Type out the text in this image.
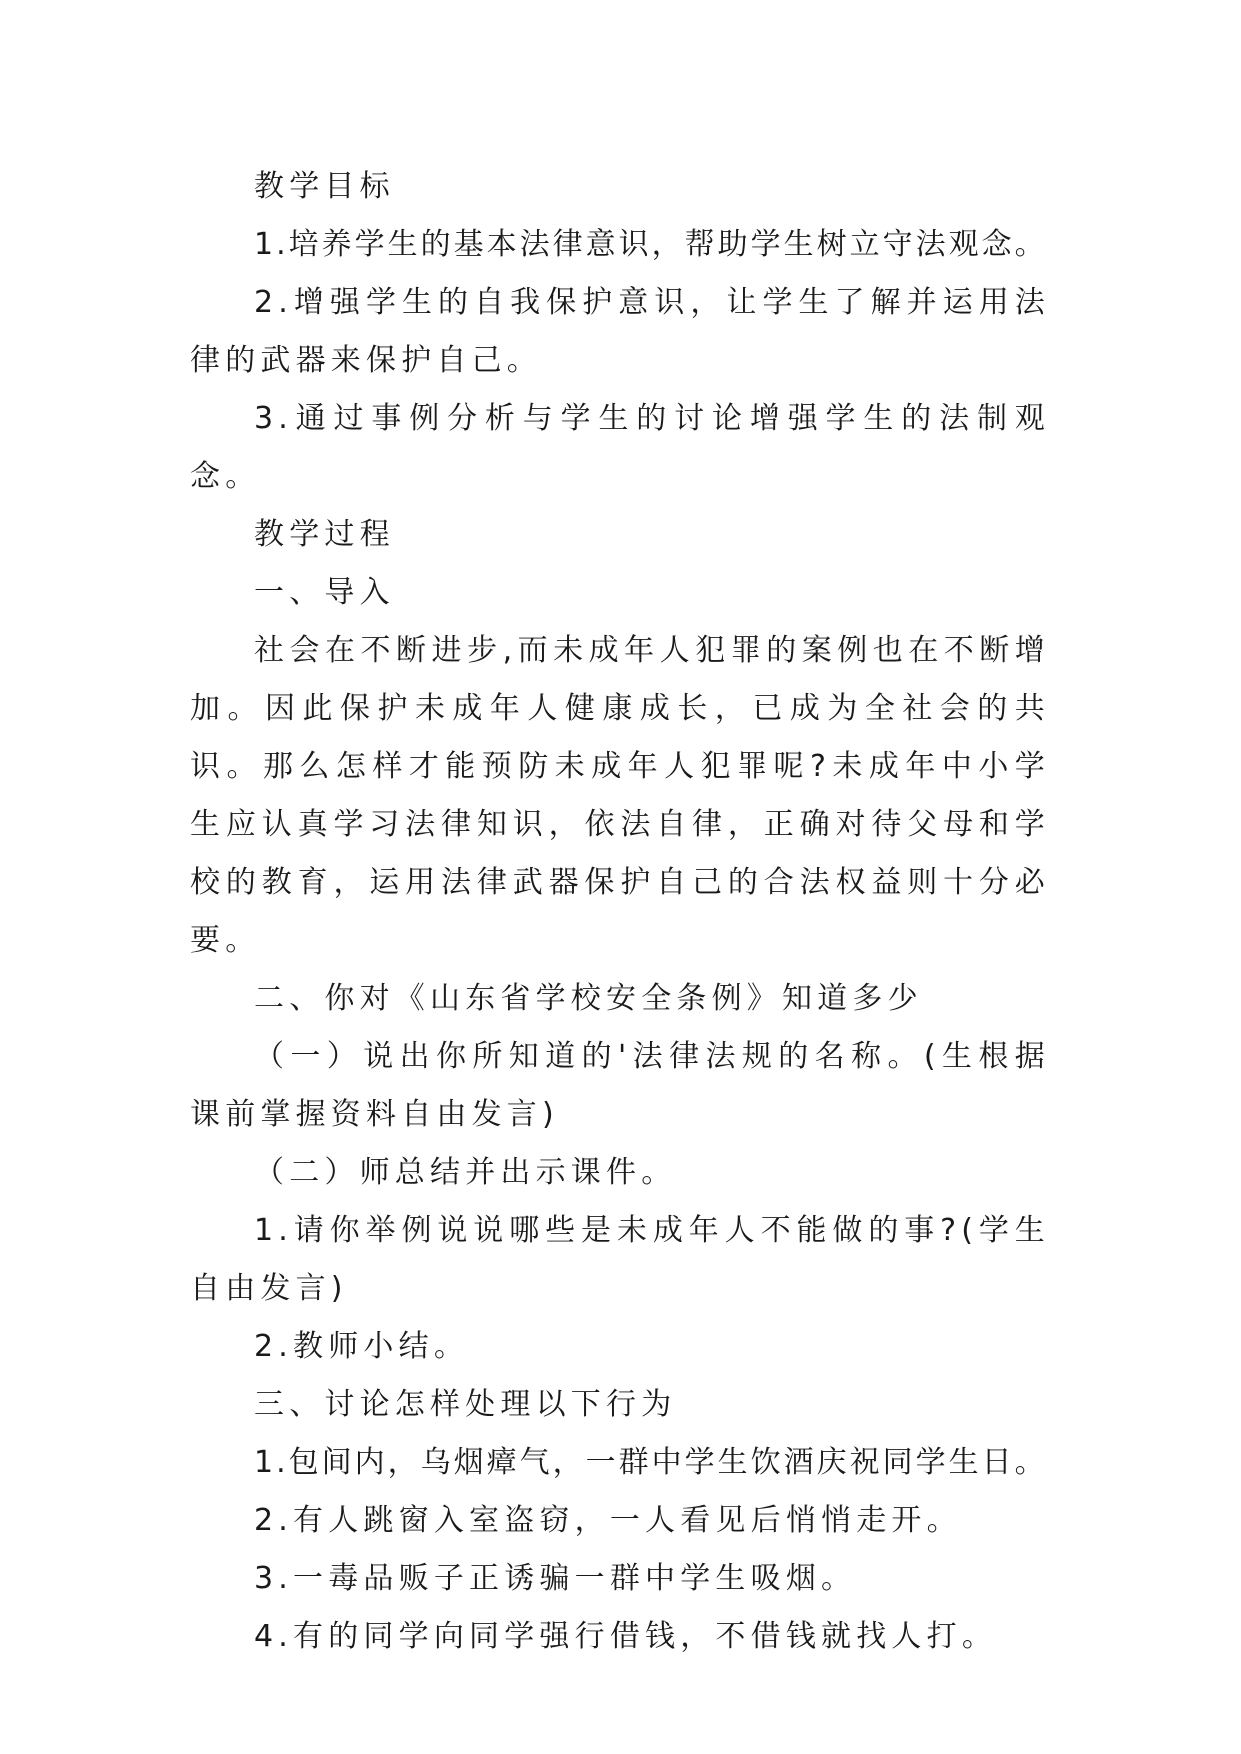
教学目标

1.培养学生的基本法律意识，帮助学生树立守法观念。

2.增强学生的自我保护意识，让学生了解并运用法律的武器来保护自己。

3.通过事例分析与学生的讨论增强学生的法制观念。

教学过程

一、导入

社会在不断进步,而未成年人犯罪的案例也在不断增加。因此保护未成年人健康成长，已成为全社会的共识。那么怎样才能预防未成年人犯罪呢?未成年中小学生应认真学习法律知识，依法自律，正确对待父母和学校的教育，运用法律武器保护自己的合法权益则十分必要。

二、你对《山东省学校安全条例》知道多少

（一）说出你所知道的'法律法规的名称。(生根据课前掌握资料自由发言)

（二）师总结并出示课件。

1.请你举例说说哪些是未成年人不能做的事?(学生自由发言)

2.教师小结。

三、讨论怎样处理以下行为

1.包间内，乌烟瘴气，一群中学生饮酒庆祝同学生日。

2.有人跳窗入室盗窃，一人看见后悄悄走开。

3.一毒品贩子正诱骗一群中学生吸烟。

4.有的同学向同学强行借钱，不借钱就找人打。
